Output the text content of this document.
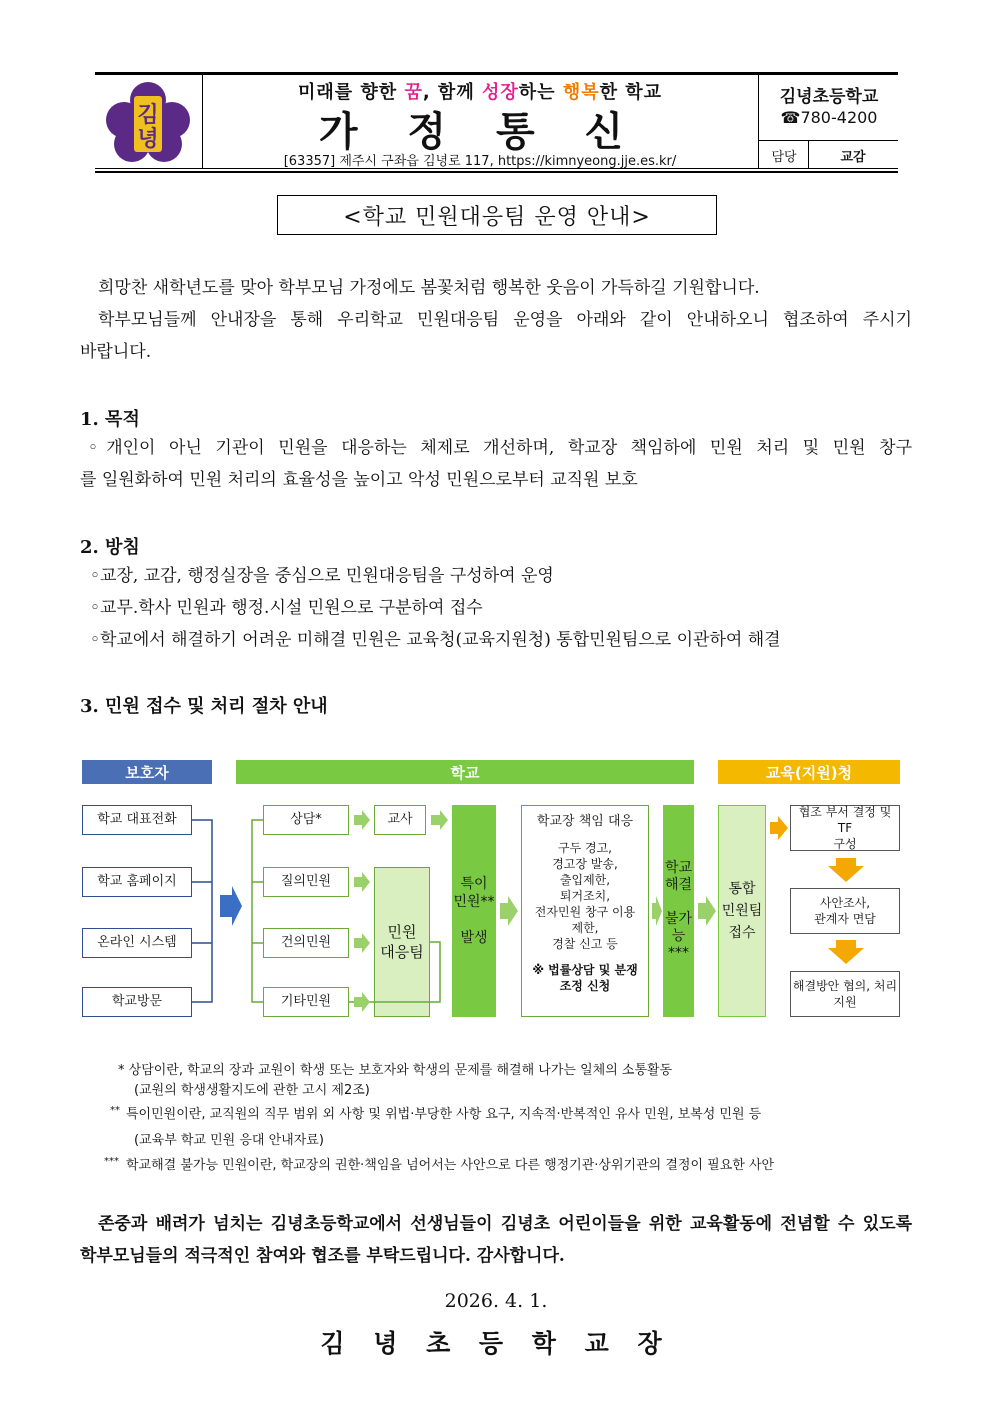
김
녕
미래를 향한 꿈, 함께 성장하는 행복한 학교
가 정 통 신
[63357] 제주시 구좌읍 김녕로 117, https://kimnyeong.jje.es.kr/
김녕초등학교
☎780-4200
담당	교감
<학교 민원대응팀 운영 안내>
희망찬 새학년도를 맞아 학부모님 가정에도 봄꽃처럼 행복한 웃음이 가득하길 기원합니다.
학부모님들께 안내장을 통해 우리학교 민원대응팀 운영을 아래와 같이 안내하오니 협조하여 주시기
바랍니다.
1. 목적
◦개인이 아닌 기관이 민원을 대응하는 체제로 개선하며, 학교장 책임하에 민원 처리 및 민원 창구
를 일원화하여 민원 처리의 효율성을 높이고 악성 민원으로부터 교직원 보호
2. 방침
◦교장, 교감, 행정실장을 중심으로 민원대응팀을 구성하여 운영
◦교무.학사 민원과 행정.시설 민원으로 구분하여 접수
◦학교에서 해결하기 어려운 미해결 민원은 교육청(교육지원청) 통합민원팀으로 이관하여 해결
3. 민원 접수 및 처리 절차 안내
보호자	학교	교육(지원)청
학교 대표전화
학교 홈페이지
온라인 시스템
학교방문
상담*
질의민원
건의민원
기타민원
교사
민원
대응팀
특이
민원**

발생
학교장 책임 대응
구두 경고,
경고장 발송,
출입제한,
퇴거조치,
전자민원 창구 이용
제한,
경찰 신고 등
※ 법률상담 및 분쟁
조정 신청
학교
해결

불가
능
***
통합
민원팀
접수
협조 부서 결정 및 TF
구성
사안조사,
관계자 면담
해결방안 협의, 처리
지원
* 상담이란, 학교의 장과 교원이 학생 또는 보호자와 학생의 문제를 해결해 나가는 일체의 소통활동
(교원의 학생생활지도에 관한 고시 제2조)
** 특이민원이란, 교직원의 직무 범위 외 사항 및 위법·부당한 사항 요구, 지속적·반복적인 유사 민원, 보복성 민원 등
(교육부 학교 민원 응대 안내자료)
*** 학교해결 불가능 민원이란, 학교장의 권한·책임을 넘어서는 사안으로 다른 행정기관·상위기관의 결정이 필요한 사안
존중과 배려가 넘치는 김녕초등학교에서 선생님들이 김녕초 어린이들을 위한 교육활동에 전념할 수 있도록
학부모님들의 적극적인 참여와 협조를 부탁드립니다. 감사합니다.
2026. 4. 1.
김 녕 초 등 학 교 장
